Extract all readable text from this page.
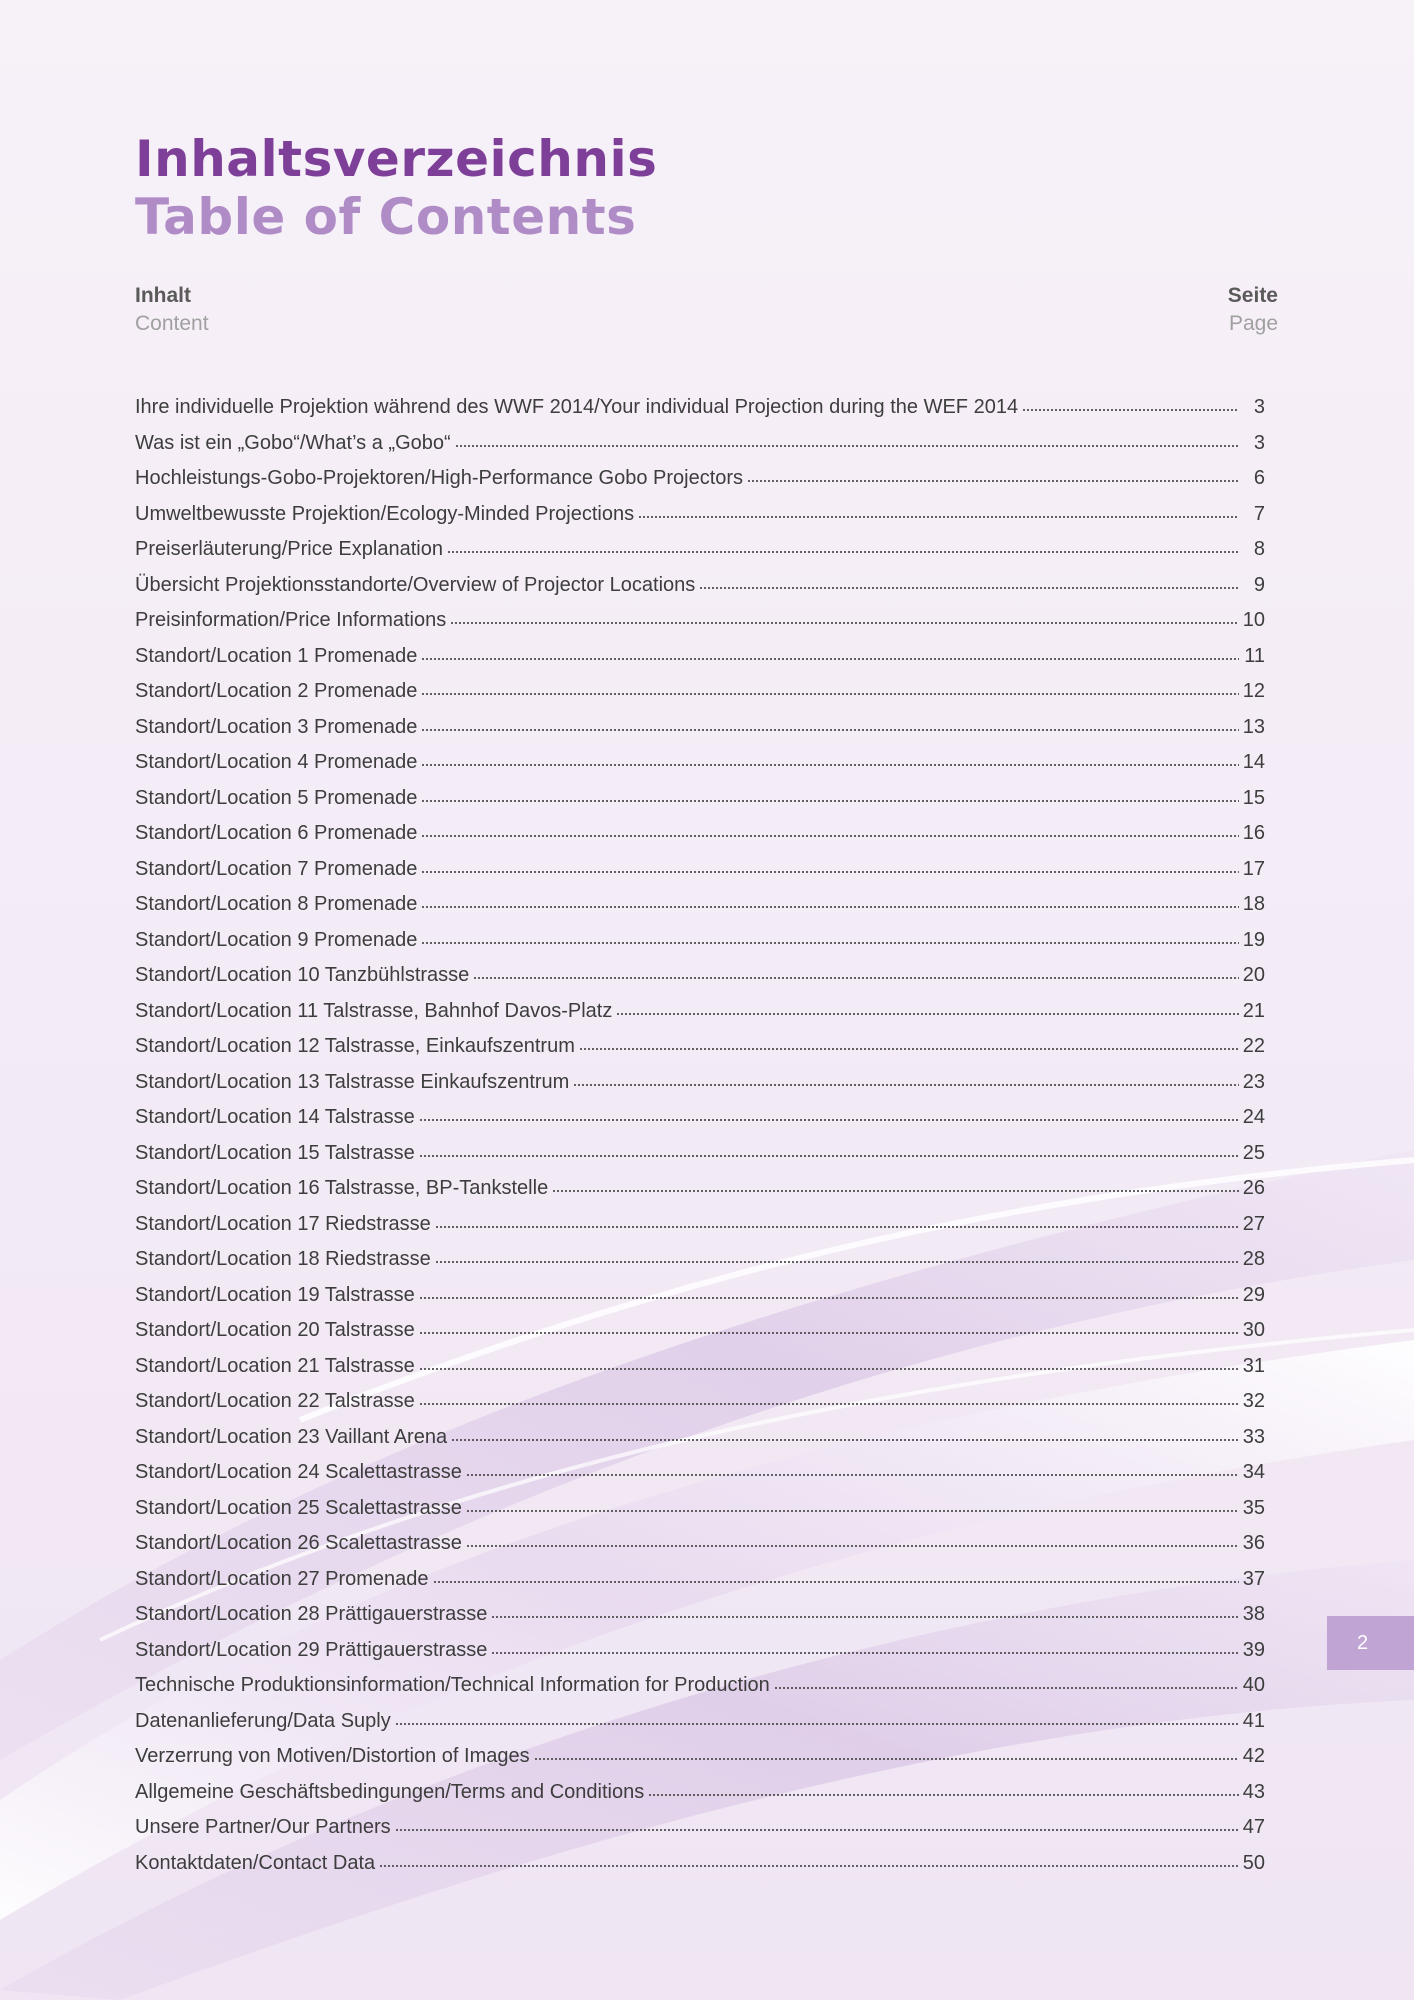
Inhaltsverzeichnis
Table of Contents
Inhalt
Content
Seite
Page
Ihre individuelle Projektion während des WWF 2014/Your individual Projection during the WEF 2014	3
Was ist ein „Gobo“/What’s a „Gobo“	3
Hochleistungs-Gobo-Projektoren/High-Performance Gobo Projectors	6
Umweltbewusste Projektion/Ecology-Minded Projections	7
Preiserläuterung/Price Explanation	8
Übersicht Projektionsstandorte/Overview of Projector Locations	9
Preisinformation/Price Informations	10
Standort/Location 1 Promenade	11
Standort/Location 2 Promenade	12
Standort/Location 3 Promenade	13
Standort/Location 4 Promenade	14
Standort/Location 5 Promenade	15
Standort/Location 6 Promenade	16
Standort/Location 7 Promenade	17
Standort/Location 8 Promenade	18
Standort/Location 9 Promenade	19
Standort/Location 10 Tanzbühlstrasse	20
Standort/Location 11 Talstrasse, Bahnhof Davos-Platz	21
Standort/Location 12 Talstrasse, Einkaufszentrum	22
Standort/Location 13 Talstrasse Einkaufszentrum	23
Standort/Location 14 Talstrasse	24
Standort/Location 15 Talstrasse	25
Standort/Location 16 Talstrasse, BP-Tankstelle	26
Standort/Location 17 Riedstrasse	27
Standort/Location 18 Riedstrasse	28
Standort/Location 19 Talstrasse	29
Standort/Location 20 Talstrasse	30
Standort/Location 21 Talstrasse	31
Standort/Location 22 Talstrasse	32
Standort/Location 23 Vaillant Arena	33
Standort/Location 24 Scalettastrasse	34
Standort/Location 25 Scalettastrasse	35
Standort/Location 26 Scalettastrasse	36
Standort/Location 27 Promenade	37
Standort/Location 28 Prättigauerstrasse	38
Standort/Location 29 Prättigauerstrasse	39
Technische Produktionsinformation/Technical Information for Production	40
Datenanlieferung/Data Suply	41
Verzerrung von Motiven/Distortion of Images	42
Allgemeine Geschäftsbedingungen/Terms and Conditions	43
Unsere Partner/Our Partners	47
Kontaktdaten/Contact Data	50
2
